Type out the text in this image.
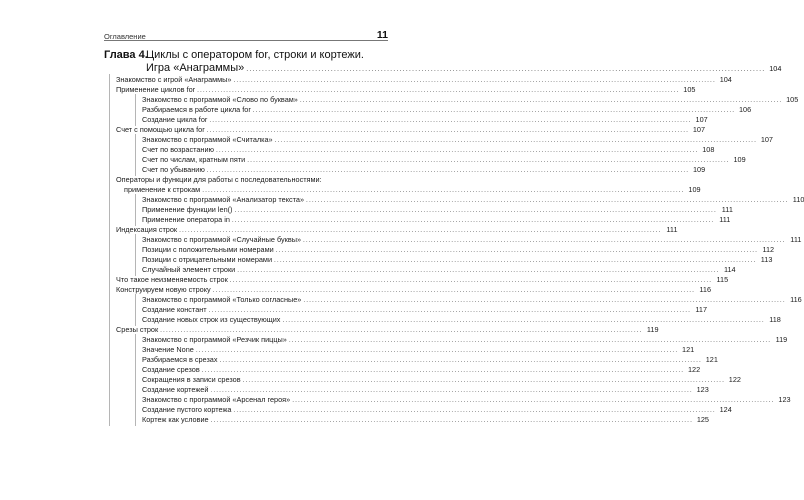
Оглавление	11
Глава 4.
Циклы с оператором for, строки и кортежи.
Игра «Анаграммы» .....	104
Знакомство с игрой «Анаграммы» .....	104
Применение циклов for .....	105
Знакомство с программой «Слово по буквам» .....	105
Разбираемся в работе цикла for .....	106
Создание цикла for .....	107
Счет с помощью цикла for .....	107
Знакомство с программой «Считалка» .....	107
Счет по возрастанию .....	108
Счет по числам, кратным пяти .....	109
Счет по убыванию .....	109
Операторы и функции для работы с последовательностями:
применение к строкам .....	109
Знакомство с программой «Анализатор текста» .....	110
Применение функции len() .....	111
Применение оператора in .....	111
Индексация строк .....	111
Знакомство с программой «Случайные буквы» .....	111
Позиции с положительными номерами .....	112
Позиции с отрицательными номерами .....	113
Случайный элемент строки .....	114
Что такое неизменяемость строк .....	115
Конструируем новую строку .....	116
Знакомство с программой «Только согласные» .....	116
Создание констант .....	117
Создание новых строк из существующих .....	118
Срезы строк .....	119
Знакомство с программой «Резчик пиццы» .....	119
Значение None .....	121
Разбираемся в срезах .....	121
Создание срезов .....	122
Сокращения в записи срезов .....	122
Создание кортежей .....	123
Знакомство с программой «Арсенал героя» .....	123
Создание пустого кортежа .....	124
Кортеж как условие .....	125
